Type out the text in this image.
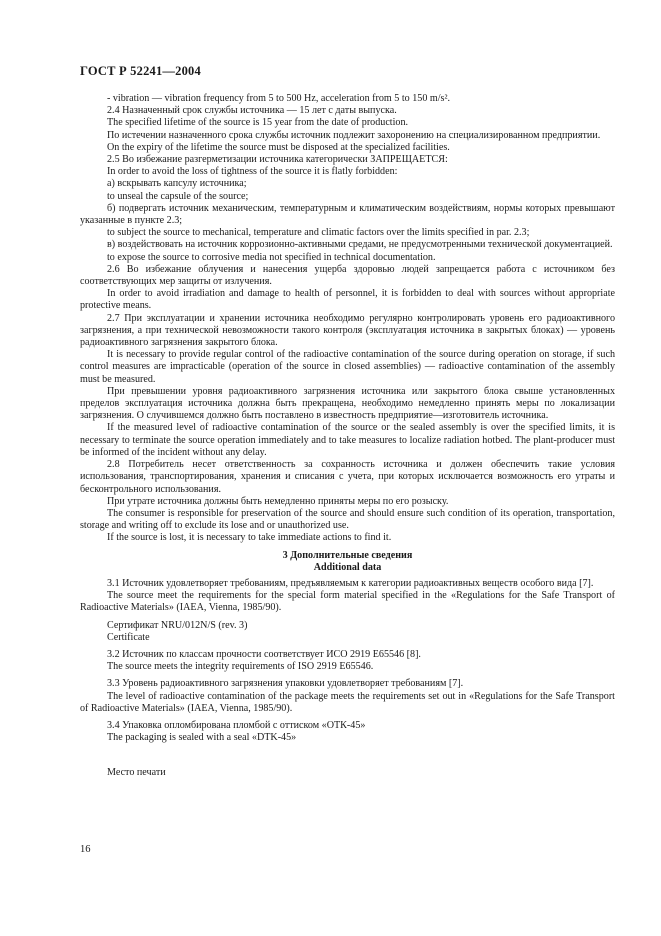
ГОСТ Р 52241—2004

- vibration — vibration frequency from 5 to 500 Hz, acceleration from 5 to 150 m/s².

2.4 Назначенный срок службы источника — 15 лет с даты выпуска.

The specified lifetime of the source is 15 year from the date of production.

По истечении назначенного срока службы источник подлежит захоронению на специализированном предприятии.

On the expiry of the lifetime the source must be disposed at the specialized facilities.

2.5 Во избежание разгерметизации источника категорически ЗАПРЕЩАЕТСЯ:

In order to avoid the loss of tightness of the source it is flatly forbidden:

а) вскрывать капсулу источника;

to unseal the capsule of the source;

б) подвергать источник механическим, температурным и климатическим воздействиям, нормы которых превышают указанные в пункте 2.3;

to subject the source to mechanical, temperature and climatic factors over the limits specified in par. 2.3;

в) воздействовать на источник коррозионно-активными средами, не предусмотренными технической документацией.

to expose the source to corrosive media not specified in technical documentation.

2.6 Во избежание облучения и нанесения ущерба здоровью людей запрещается работа с источником без соответствующих мер защиты от излучения.

In order to avoid irradiation and damage to health of personnel, it is forbidden to deal with sources without appropriate protective means.

2.7 При эксплуатации и хранении источника необходимо регулярно контролировать уровень его радиоактивного загрязнения, а при технической невозможности такого контроля (эксплуатация источника в закрытых блоках) — уровень радиоактивного загрязнения закрытого блока.

It is necessary to provide regular control of the radioactive contamination of the source during operation on storage, if such control measures are impracticable (operation of the source in closed assemblies) — radioactive contamination of the assembly must be measured.

При превышении уровня радиоактивного загрязнения источника или закрытого блока свыше установленных пределов эксплуатация источника должна быть прекращена, необходимо немедленно принять меры по локализации загрязнения. О случившемся должно быть поставлено в известность предприятие—изготовитель источника.

If the measured level of radioactive contamination of the source or the sealed assembly is over the specified limits, it is necessary to terminate the source operation immediately and to take measures to localize radiation hotbed. The plant-producer must be informed of the incident without any delay.

2.8 Потребитель несет ответственность за сохранность источника и должен обеспечить такие условия использования, транспортирования, хранения и списания с учета, при которых исключается возможность его утраты и бесконтрольного использования.

При утрате источника должны быть немедленно приняты меры по его розыску.

The consumer is responsible for preservation of the source and should ensure such condition of its operation, transportation, storage and writing off to exclude its lose and or unauthorized use.

If the source is lost, it is necessary to take immediate actions to find it.

3 Дополнительные сведения
Additional data

3.1 Источник удовлетворяет требованиям, предъявляемым к категории радиоактивных веществ особого вида [7].

The source meet the requirements for the special form material specified in the «Regulations for the Safe Transport of Radioactive Materials» (IAEA, Vienna, 1985/90).

Сертификат NRU/012N/S (rev. 3)

Certificate

3.2 Источник по классам прочности соответствует ИСО 2919 E65546 [8].

The source meets the integrity requirements of ISO 2919 E65546.

3.3 Уровень радиоактивного загрязнения упаковки удовлетворяет требованиям [7].

The level of radioactive contamination of the package meets the requirements set out in «Regulations for the Safe Transport of Radioactive Materials» (IAEA, Vienna, 1985/90).

3.4 Упаковка опломбирована пломбой с оттиском «ОТК-45»

The packaging is sealed with a seal «DTK-45»

Место печати

16
